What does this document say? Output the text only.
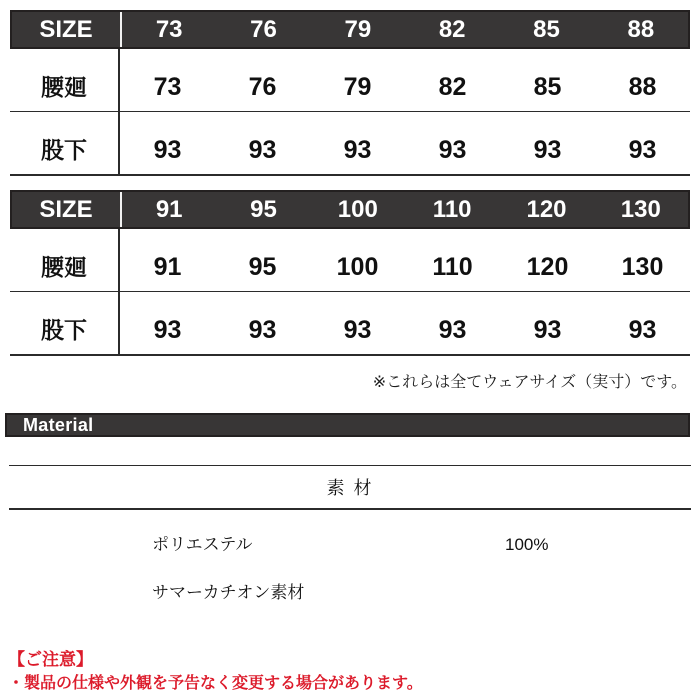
SIZE	73	76	79	82	85	88
腰廻	73	76	79	82	85	88
股下	93	93	93	93	93	93
SIZE	91	95	100	110	120	130
腰廻	91	95	100	110	120	130
股下	93	93	93	93	93	93

※これらは全てウェアサイズ（実寸）です。

Material
素 材
ポリエステル	100%
サマーカチオン素材

【ご注意】

・製品の仕様や外観を予告なく変更する場合があります。
